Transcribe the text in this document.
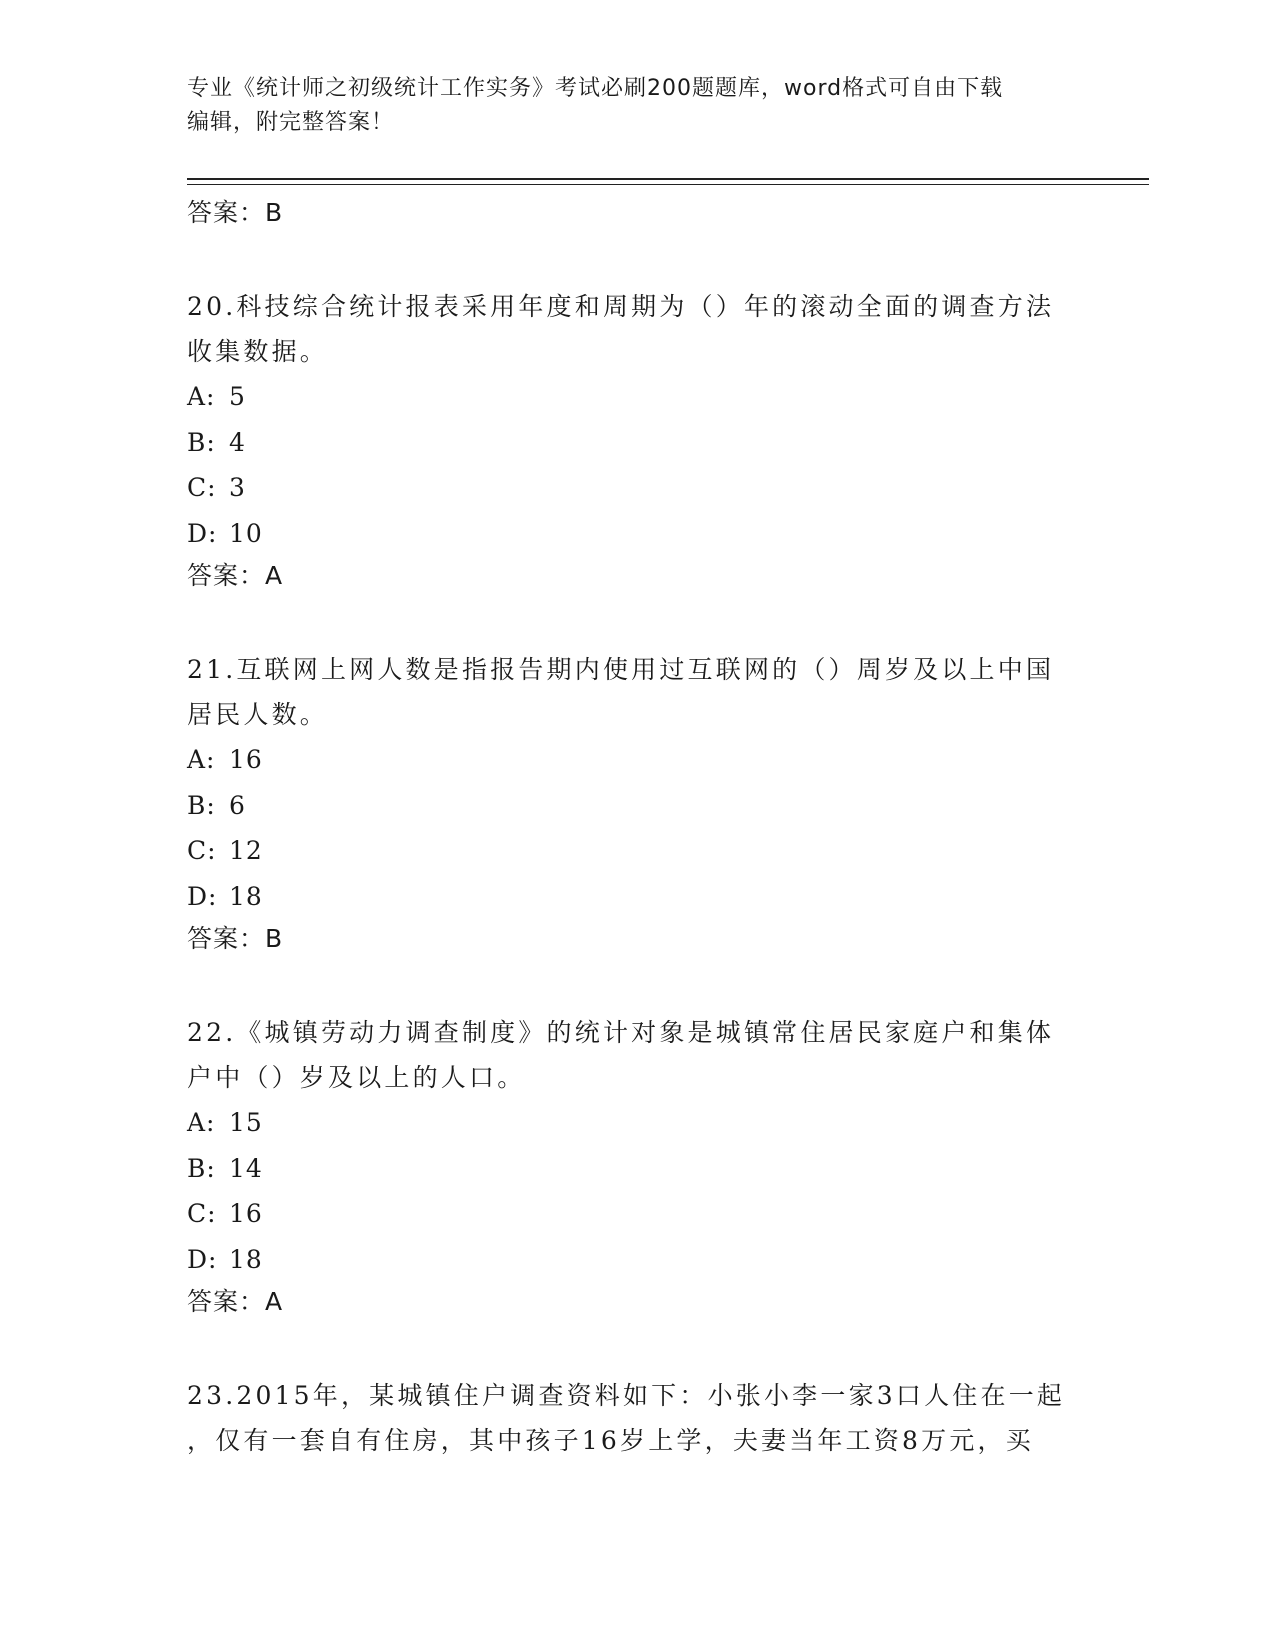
专业《统计师之初级统计工作实务》考试必刷200题题库，word格式可自由下载
编辑，附完整答案！
答案：B
20.科技综合统计报表采用年度和周期为（）年的滚动全面的调查方法
收集数据。
A: 5
B: 4
C: 3
D: 10
答案：A
21.互联网上网人数是指报告期内使用过互联网的（）周岁及以上中国
居民人数。
A: 16
B: 6
C: 12
D: 18
答案：B
22.《城镇劳动力调查制度》的统计对象是城镇常住居民家庭户和集体
户中（）岁及以上的人口。
A: 15
B: 14
C: 16
D: 18
答案：A
23.2015年，某城镇住户调查资料如下：小张小李一家3口人住在一起
，仅有一套自有住房，其中孩子16岁上学，夫妻当年工资8万元，买
